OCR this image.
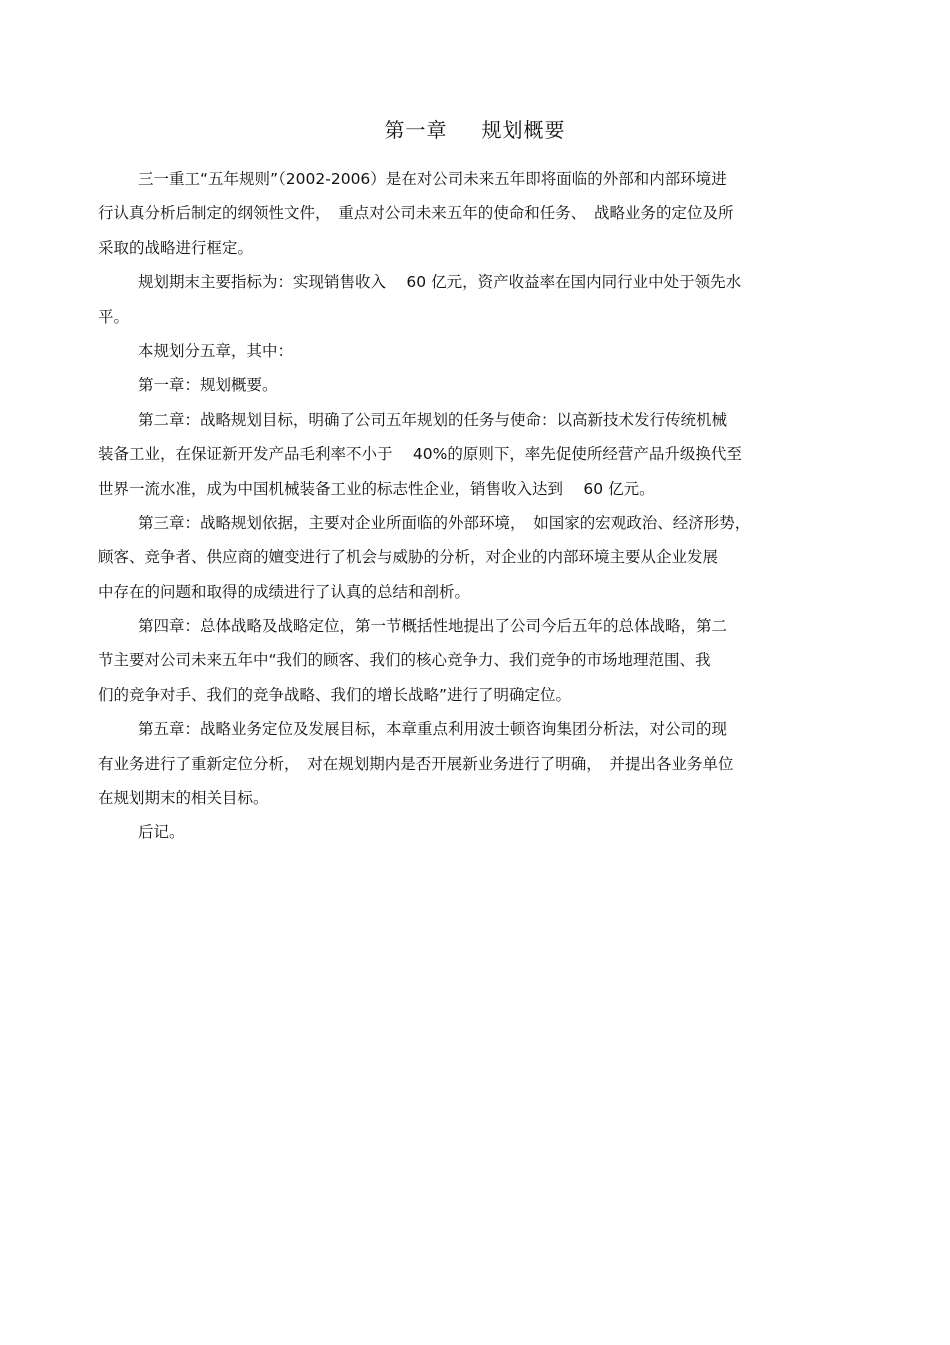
第一章 规划概要
三一重工“五年规则”（2002-2006）是在对公司未来五年即将面临的外部和内部环境进
行认真分析后制定的纲领性文件，　重点对公司未来五年的使命和任务、　战略业务的定位及所
采取的战略进行框定。
规划期末主要指标为：实现销售收入　 60 亿元，资产收益率在国内同行业中处于领先水
平。
本规划分五章，其中：
第一章：规划概要。
第二章：战略规划目标，明确了公司五年规划的任务与使命：以高新技术发行传统机械
装备工业，在保证新开发产品毛利率不小于　 40%的原则下，率先促使所经营产品升级换代至
世界一流水准，成为中国机械装备工业的标志性企业，销售收入达到　 60 亿元。
第三章：战略规划依据，主要对企业所面临的外部环境，　如国家的宏观政治、经济形势，
顾客、竞争者、供应商的嬗变进行了机会与威胁的分析，对企业的内部环境主要从企业发展
中存在的问题和取得的成绩进行了认真的总结和剖析。
第四章：总体战略及战略定位，第一节概括性地提出了公司今后五年的总体战略，第二
节主要对公司未来五年中“我们的顾客、我们的核心竞争力、我们竞争的市场地理范围、我
们的竞争对手、我们的竞争战略、我们的增长战略”进行了明确定位。
第五章：战略业务定位及发展目标，本章重点利用波士顿咨询集团分析法，对公司的现
有业务进行了重新定位分析，　对在规划期内是否开展新业务进行了明确，　并提出各业务单位
在规划期末的相关目标。
后记。
